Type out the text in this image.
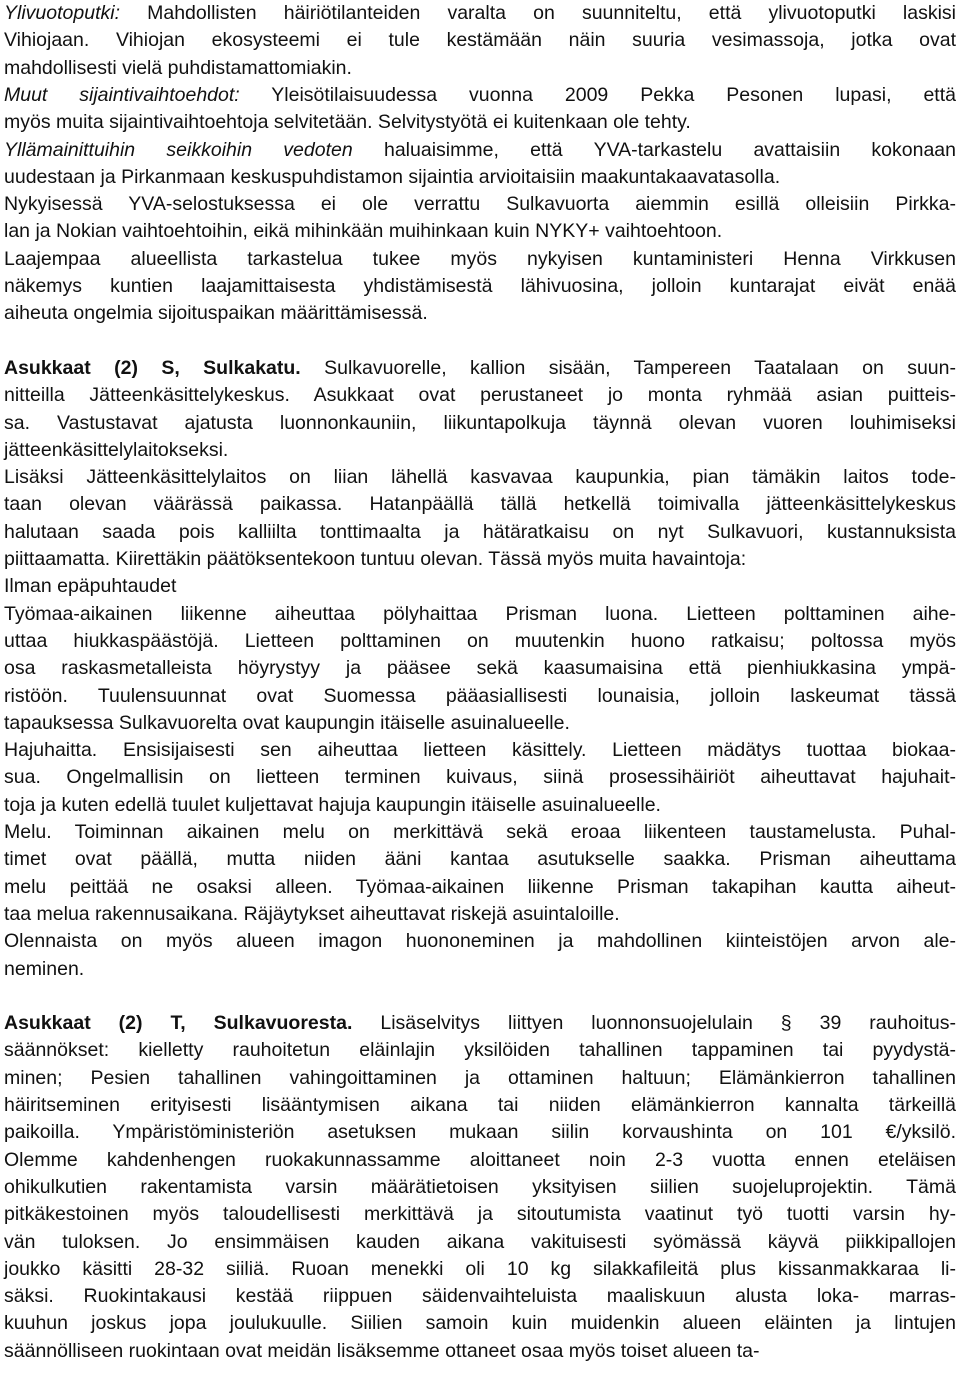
Ylivuotoputki: Mahdollisten häiriötilanteiden varalta on suunniteltu, että ylivuotoputki laskisi
Vihiojaan. Vihiojan ekosysteemi ei tule kestämään näin suuria vesimassoja, jotka ovat
mahdollisesti vielä puhdistamattomiakin.
Muut sijaintivaihtoehdot: Yleisötilaisuudessa vuonna 2009 Pekka Pesonen lupasi, että
myös muita sijaintivaihtoehtoja selvitetään. Selvitystyötä ei kuitenkaan ole tehty.
Yllämainittuihin seikkoihin vedoten haluaisimme, että YVA-tarkastelu avattaisiin kokonaan
uudestaan ja Pirkanmaan keskuspuhdistamon sijaintia arvioitaisiin maakuntakaavatasolla.
Nykyisessä YVA-selostuksessa ei ole verrattu Sulkavuorta aiemmin esillä olleisiin Pirkka-
lan ja Nokian vaihtoehtoihin, eikä mihinkään muihinkaan kuin NYKY+ vaihtoehtoon.
Laajempaa alueellista tarkastelua tukee myös nykyisen kuntaministeri Henna Virkkusen
näkemys kuntien laajamittaisesta yhdistämisestä lähivuosina, jolloin kuntarajat eivät enää
aiheuta ongelmia sijoituspaikan määrittämisessä.
Asukkaat (2) S, Sulkakatu. Sulkavuorelle, kallion sisään, Tampereen Taatalaan on suun-
nitteilla Jätteenkäsittelykeskus. Asukkaat ovat perustaneet jo monta ryhmää asian puitteis-
sa. Vastustavat ajatusta luonnonkauniin, liikuntapolkuja täynnä olevan vuoren louhimiseksi
jätteenkäsittelylaitokseksi.
Lisäksi Jätteenkäsittelylaitos on liian lähellä kasvavaa kaupunkia, pian tämäkin laitos tode-
taan olevan väärässä paikassa. Hatanpäällä tällä hetkellä toimivalla jätteenkäsittelykeskus
halutaan saada pois kalliilta tonttimaalta ja hätäratkaisu on nyt Sulkavuori, kustannuksista
piittaamatta. Kiirettäkin päätöksentekoon tuntuu olevan. Tässä myös muita havaintoja:
Ilman epäpuhtaudet
Työmaa-aikainen liikenne aiheuttaa pölyhaittaa Prisman luona. Lietteen polttaminen aihe-
uttaa hiukkaspäästöjä. Lietteen polttaminen on muutenkin huono ratkaisu; poltossa myös
osa raskasmetalleista höyrystyy ja pääsee sekä kaasumaisina että pienhiukkasina ympä-
ristöön. Tuulensuunnat ovat Suomessa pääasiallisesti lounaisia, jolloin laskeumat tässä
tapauksessa Sulkavuorelta ovat kaupungin itäiselle asuinalueelle.
Hajuhaitta. Ensisijaisesti sen aiheuttaa lietteen käsittely. Lietteen mädätys tuottaa biokaa-
sua. Ongelmallisin on lietteen terminen kuivaus, siinä prosessihäiriöt aiheuttavat hajuhait-
toja ja kuten edellä tuulet kuljettavat hajuja kaupungin itäiselle asuinalueelle.
Melu. Toiminnan aikainen melu on merkittävä sekä eroaa liikenteen taustamelusta. Puhal-
timet ovat päällä, mutta niiden ääni kantaa asutukselle saakka. Prisman aiheuttama
melu peittää ne osaksi alleen. Työmaa-aikainen liikenne Prisman takapihan kautta aiheut-
taa melua rakennusaikana. Räjäytykset aiheuttavat riskejä asuintaloille.
Olennaista on myös alueen imagon huononeminen ja mahdollinen kiinteistöjen arvon ale-
neminen.
Asukkaat (2) T, Sulkavuoresta. Lisäselvitys liittyen luonnonsuojelulain § 39 rauhoitus-
säännökset: kielletty rauhoitetun eläinlajin yksilöiden tahallinen tappaminen tai pyydystä-
minen; Pesien tahallinen vahingoittaminen ja ottaminen haltuun; Elämänkierron tahallinen
häiritseminen erityisesti lisääntymisen aikana tai niiden elämänkierron kannalta tärkeillä
paikoilla. Ympäristöministeriön asetuksen mukaan siilin korvaushinta on 101 €/yksilö.
Olemme kahdenhengen ruokakunnassamme aloittaneet noin 2-3 vuotta ennen eteläisen
ohikulkutien rakentamista varsin määrätietoisen yksityisen siilien suojeluprojektin. Tämä
pitkäkestoinen myös taloudellisesti merkittävä ja sitoutumista vaatinut työ tuotti varsin hy-
vän tuloksen. Jo ensimmäisen kauden aikana vakituisesti syömässä käyvä piikkipallojen
joukko käsitti 28-32 siiliä. Ruoan menekki oli 10 kg silakkafileitä plus kissanmakkaraa li-
säksi. Ruokintakausi kestää riippuen säidenvaihteluista maaliskuun alusta loka- marras-
kuuhun joskus jopa joulukuulle. Siilien samoin kuin muidenkin alueen eläinten ja lintujen
säännölliseen ruokintaan ovat meidän lisäksemme ottaneet osaa myös toiset alueen ta-
